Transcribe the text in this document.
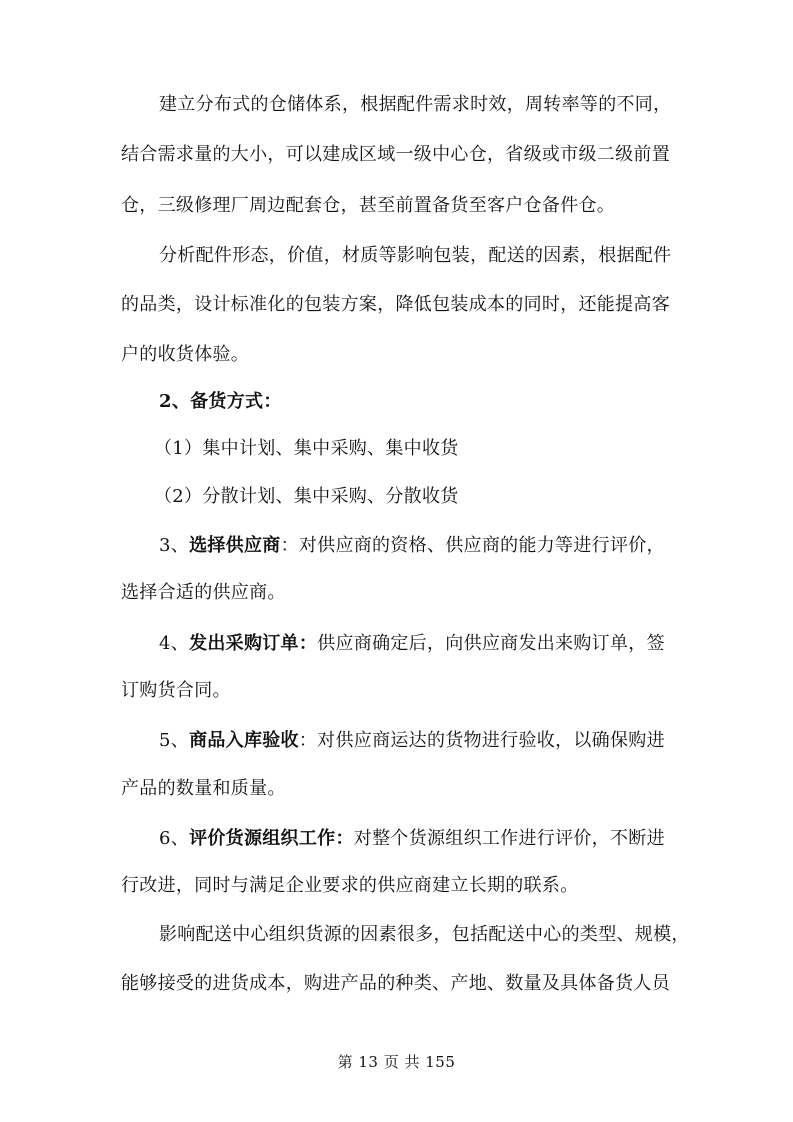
建立分布式的仓储体系，根据配件需求时效，周转率等的不同，
结合需求量的大小，可以建成区域一级中心仓，省级或市级二级前置
仓，三级修理厂周边配套仓，甚至前置备货至客户仓备件仓。
分析配件形态，价值，材质等影响包装，配送的因素，根据配件
的品类，设计标准化的包装方案，降低包装成本的同时，还能提高客
户的收货体验。
2、备货方式：
（1）集中计划、集中采购、集中收货
（2）分散计划、集中采购、分散收货
3、选择供应商：对供应商的资格、供应商的能力等进行评价，
选择合适的供应商。
4、发出采购订单：供应商确定后，向供应商发出来购订单，签
订购货合同。
5、商品入库验收：对供应商运达的货物进行验收，以确保购进
产品的数量和质量。
6、评价货源组织工作：对整个货源组织工作进行评价，不断进
行改进，同时与满足企业要求的供应商建立长期的联系。
影响配送中心组织货源的因素很多，包括配送中心的类型、规模，
能够接受的进货成本，购进产品的种类、产地、数量及具体备货人员
第 13 页 共 155
